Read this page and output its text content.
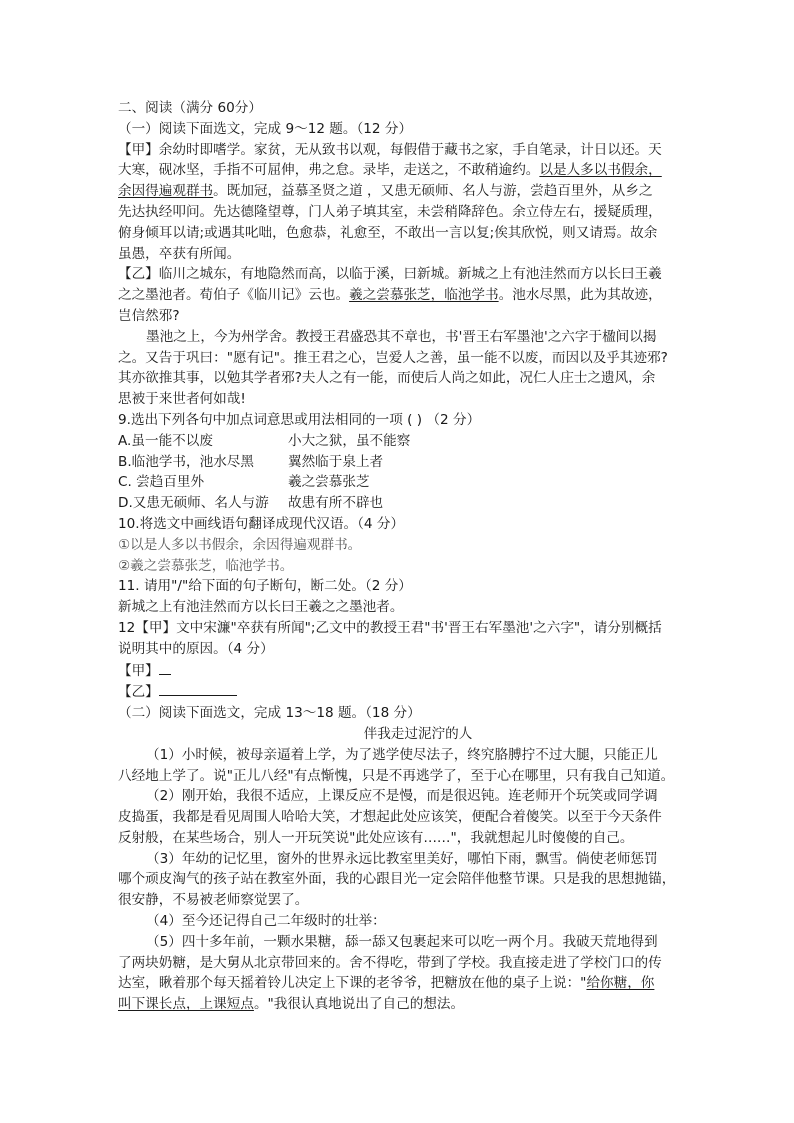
二、阅读（满分 60分）
（一）阅读下面选文，完成 9～12 题。（12 分）
【甲】余幼时即嗜学。家贫，无从致书以观，每假借于藏书之家，手自笔录，计日以还。天
大寒，砚冰坚，手指不可屈伸，弗之怠。录毕，走送之，不敢稍逾约。以是人多以书假余，
余因得遍观群书。既加冠，益慕圣贤之道 ，又患无硕师、名人与游，尝趋百里外，从乡之
先达执经叩问。先达德隆望尊，门人弟子填其室，未尝稍降辞色。余立侍左右，援疑质理，
俯身倾耳以请;或遇其叱咄，色愈恭，礼愈至，不敢出一言以复;俟其欣悦，则又请焉。故余
虽愚，卒获有所闻。
【乙】临川之城东，有地隐然而高，以临于溪，曰新城。新城之上有池洼然而方以长曰王羲
之之墨池者。荀伯子《临川记》云也。羲之尝慕张芝，临池学书。池水尽黑，此为其故迹，
岂信然邪?
墨池之上，今为州学舍。教授王君盛恐其不章也，书'晋王右军墨池'之六字于楹间以揭
之。又告于巩曰："愿有记"。推王君之心，岂爱人之善，虽一能不以废，而因以及乎其迹邪?
其亦欲推其事，以勉其学者邪?夫人之有一能，而使后人尚之如此，况仁人庄士之遗风，余
思被于来世者何如哉!
9.选出下列各句中加点词意思或用法相同的一项 ( ) （2 分）
A.虽一能不以废	小大之狱，虽不能察
B.临池学书，池水尽黑	翼然临于泉上者
C. 尝趋百里外	羲之尝慕张芝
D.又患无硕师、名人与游	故患有所不辟也
10.将选文中画线语句翻译成现代汉语。（4 分）
①以是人多以书假余，余因得遍观群书。
②羲之尝慕张芝，临池学书。
11. 请用"/"给下面的句子断句，断二处。（2 分）
新城之上有池洼然而方以长曰王羲之之墨池者。
12【甲】文中宋濂"卒获有所闻";乙文中的教授王君"书'晋王右军墨池'之六字"，请分别概括
说明其中的原因。（4 分）
【甲】
【乙】
（二）阅读下面选文，完成 13～18 题。（18 分）
伴我走过泥泞的人
（1）小时候，被母亲逼着上学，为了逃学使尽法子，终究胳膊拧不过大腿，只能正儿
八经地上学了。说"正儿八经"有点惭愧，只是不再逃学了，至于心在哪里，只有我自己知道。
（2）刚开始，我很不适应，上课反应不是慢，而是很迟钝。连老师开个玩笑或同学调
皮捣蛋，我都是看见周围人哈哈大笑，才想起此处应该笑，便配合着傻笑。以至于今天条件
反射般，在某些场合，别人一开玩笑说"此处应该有……"，我就想起儿时傻傻的自己。
（3）年幼的记忆里，窗外的世界永远比教室里美好，哪怕下雨，飘雪。倘使老师惩罚
哪个顽皮淘气的孩子站在教室外面，我的心跟目光一定会陪伴他整节课。只是我的思想抛锚，
很安静，不易被老师察觉罢了。
（4）至今还记得自己二年级时的壮举：
（5）四十多年前，一颗水果糖，舔一舔又包裹起来可以吃一两个月。我破天荒地得到
了两块奶糖，是大舅从北京带回来的。舍不得吃，带到了学校。我直接走进了学校门口的传
达室，瞅着那个每天摇着铃儿决定上下课的老爷爷，把糖放在他的桌子上说："给你糖，你
叫下课长点，上课短点。"我很认真地说出了自己的想法。
